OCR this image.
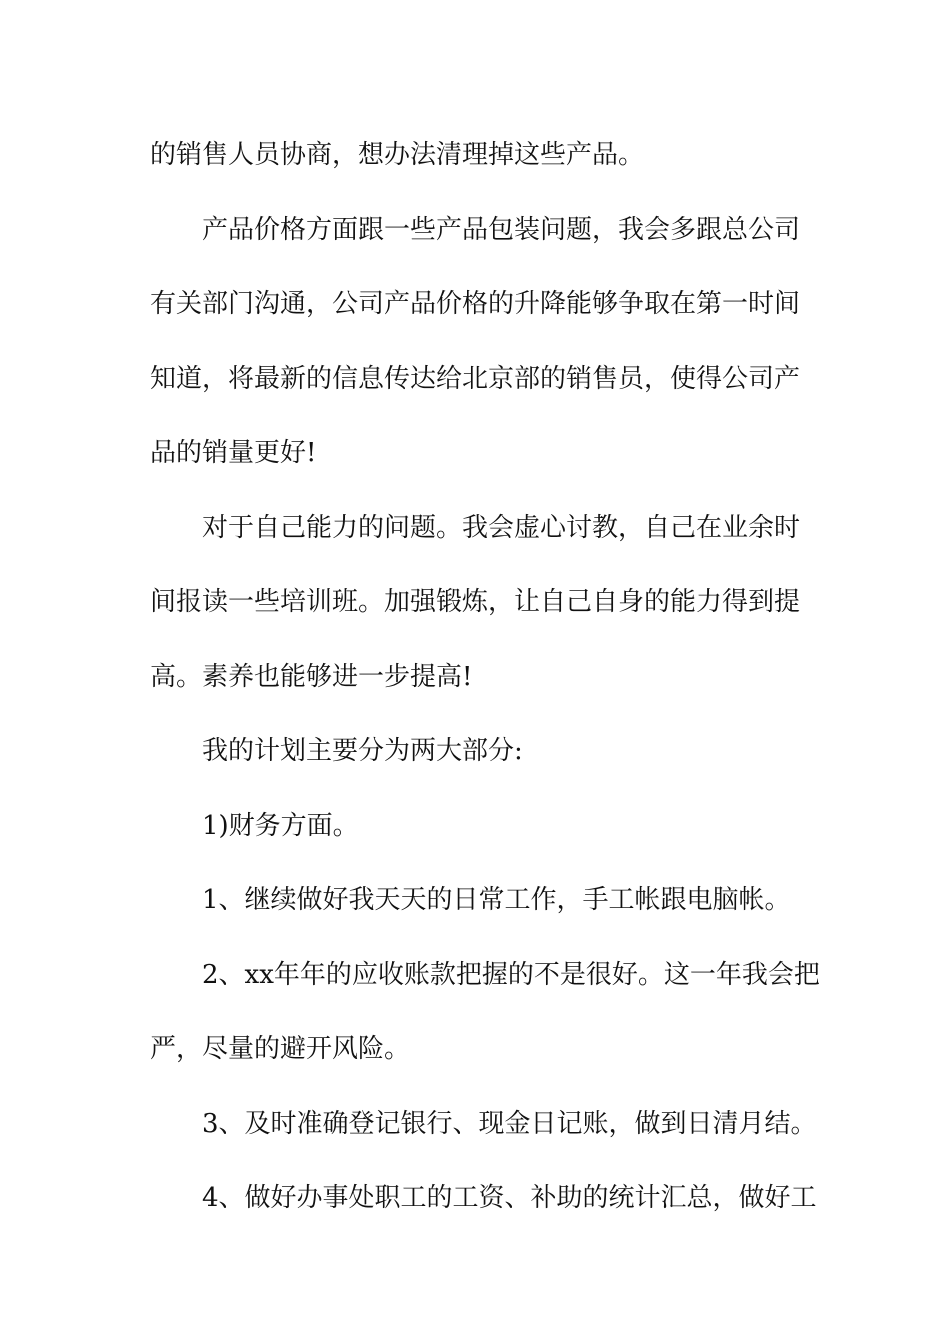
的销售人员协商，想办法清理掉这些产品。
产品价格方面跟一些产品包装问题，我会多跟总公司
有关部门沟通，公司产品价格的升降能够争取在第一时间
知道，将最新的信息传达给北京部的销售员，使得公司产
品的销量更好!
对于自己能力的问题。我会虚心讨教，自己在业余时
间报读一些培训班。加强锻炼，让自己自身的能力得到提
高。素养也能够进一步提高!
我的计划主要分为两大部分:
1)财务方面。
1、继续做好我天天的日常工作，手工帐跟电脑帐。
2、xx年年的应收账款把握的不是很好。这一年我会把
严，尽量的避开风险。
3、及时准确登记银行、现金日记账，做到日清月结。
4、做好办事处职工的工资、补助的统计汇总，做好工
